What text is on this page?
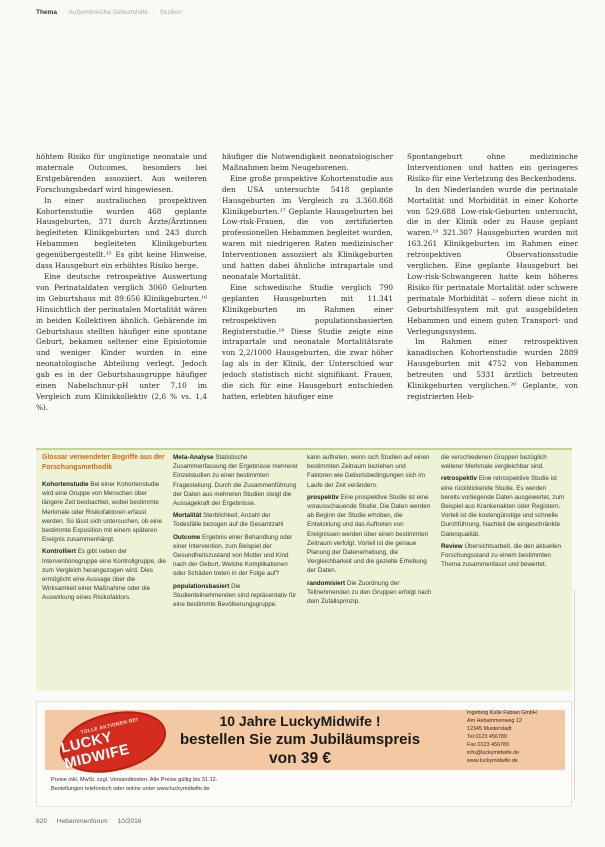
Thema · Außerklinische Geburtshilfe · Studien

höhtem Risiko für ungünstige neonatale und maternale Outcomes, besonders bei Erstgebärenden assoziiert. Aus weiteren Forschungsbedarf wird hingewiesen.

In einer australischen prospektiven Kohortenstudie wurden 468 geplante Hausgeburten, 371 durch Ärzte/Ärztinnen begleiteten Klinikgeburten und 243 durch Hebammen begleiteten Klinikgeburten gegenübergestellt.¹⁵ Es gibt keine Hinweise, dass Hausgeburt ein erhöhtes Risiko berge.

Eine deutsche retrospektive Auswertung von Perinataldaten verglich 3060 Geburten im Geburtshaus mit 89.656 Klinikgeburten.¹⁶ Hinsichtlich der perinatalen Mortalität wären in beiden Kollektiven ähnlich. Gebärende im Geburtshaus stellten häufiger eine spontane Geburt, bekamen seltener eine Episiotomie und weniger Kinder wurden in eine neonatologische Abteilung verlegt. Jedoch gab es in der Geburtshausgruppe häufiger einen Nabelschnur-pH unter 7,10 im Vergleich zum Klinikkollektiv (2,6 % vs. 1,4 %).

häufiger die Notwendigkeit neonatologischer Maßnahmen beim Neugeborenen.

Eine große prospektive Kohortenstudie aus den USA untersuchte 5418 geplante Hausgeburten im Vergleich zu 3.360.868 Klinikgeburten.¹⁷ Geplante Hausgeburten bei Low-risk-Frauen, die von zertifizierten professionellen Hebammen begleitet wurden, waren mit niedrigeren Raten medizinischer Interventionen assoziiert als Klinikgeburten und hatten dabei ähnliche intrapartale und neonatale Mortalität.

Eine schwedische Studie verglich 790 geplanten Hausgeburten mit 11.341 Klinikgeburten im Rahmen einer retrospektiven populationsbasierten Registerstudie.¹⁸ Diese Studie zeigte eine intrapartale und neonatale Mortalitätsrate von 2,2/1000 Hausgeburten, die zwar höher lag als in der Klinik, der Unterschied war jedoch statistisch nicht signifikant. Frauen, die sich für eine Hausgeburt entschieden hatten, erlebten häufiger eine

Spontangeburt ohne medizinische Interventionen und hatten ein geringeres Risiko für eine Verletzung des Beckenbodens.

In den Niederlanden wurde die perinatale Mortalität und Morbidität in einer Kohorte von 529.688 Low-risk-Geburten untersucht, die in der Klinik oder zu Hause geplant waren.¹⁹ 321.307 Hausgeburten wurden mit 163.261 Klinikgeburten im Rahmen einer retrospektiven Observationsstudie verglichen. Eine geplante Hausgeburt bei Low-risk-Schwangeren hatte kein höheres Risiko für perinatale Mortalität oder schwere perinatale Morbidität – sofern diese nicht in Geburtshilfesystem mit gut ausgebildeten Hebammen und einem guten Transport- und Verlegungssystem.

Im Rahmen einer retrospektiven kanadischen Kohortenstudie wurden 2889 Hausgeburten mit 4752 von Hebammen betreuten und 5331 ärztlich betreuten Klinikgeburten verglichen.²⁰ Geplante, von registrierten Heb-

Glossar verwendeter Begriffe aus der Forschungsmethodik
Kohortenstudie Bei einer Kohortenstudie wird eine Gruppe von Menschen über längere Zeit beobachtet, wobei bestimmte Merkmale oder Risikofaktoren erfasst werden. So lässt sich untersuchen, ob eine bestimmte Exposition mit einem späteren Ereignis zusammenhängt.
Kontrolliert Es gibt neben der Interventionsgruppe eine Kontrollgruppe, die zum Vergleich herangezogen wird. Dies ermöglicht eine Aussage über die Wirksamkeit einer Maßnahme oder die Auswirkung eines Risikofaktors.
Meta-Analyse Statistische Zusammenfassung der Ergebnisse mehrerer Einzelstudien zu einer bestimmten Fragestellung. Durch die Zusammenführung der Daten aus mehreren Studien steigt die Aussagekraft der Ergebnisse.
Mortalität Sterblichkeit, Anzahl der Todesfälle bezogen auf die Gesamtzahl
Outcome Ergebnis einer Behandlung oder einer Intervention, zum Beispiel der Gesundheitszustand von Mutter und Kind nach der Geburt. Welche Komplikationen oder Schäden treten in der Folge auf?
populationsbasiert Die Studienteilnehmenden sind repräsentativ für eine bestimmte Bevölkerungsgruppe.
kann auftreten, wenn sich Studien auf einen bestimmten Zeitraum beziehen und Faktoren wie Geburtsbedingungen sich im Laufe der Zeit verändern.
prospektiv Eine prospektive Studie ist eine vorausschauende Studie. Die Daten werden ab Beginn der Studie erhoben, die Entwicklung und das Auftreten von Ereignissen werden über einen bestimmten Zeitraum verfolgt. Vorteil ist die genaue Planung der Datenerhebung, die Vergleichbarkeit und die gezielte Erhebung der Daten.
randomisiert Die Zuordnung der Teilnehmenden zu den Gruppen erfolgt nach dem Zufallsprinzip.
die verschiedenen Gruppen bezüglich weiterer Merkmale vergleichbar sind.
retrospektiv Eine retrospektive Studie ist eine rückblickende Studie. Es werden bereits vorliegende Daten ausgewertet, zum Beispiel aus Krankenakten oder Registern. Vorteil ist die kostengünstige und schnelle Durchführung, Nachteil die eingeschränkte Datenqualität.
Review Übersichtsarbeit, die den aktuellen Forschungsstand zu einem bestimmten Thema zusammenfasst und bewertet.
10 Jahre LuckyMidwife !
bestellen Sie zum Jubiläumspreis
von 39 €
TOLLE AKTIONEN BEI
LUCKY MIDWIFE
Ingeborg Kulle Fabian GmbH
Am Hebammenweg 12
12345 Musterstadt
Tel 0123 456789
Fax 0123 456780
info@luckymidwife.de
www.luckymidwife.de
Preise inkl. MwSt. zzgl. Versandkosten. Alle Preise gültig bis 31.12.
Bestellungen telefonisch oder online unter www.luckymidwife.de
820 Hebammenforum 10/2016
